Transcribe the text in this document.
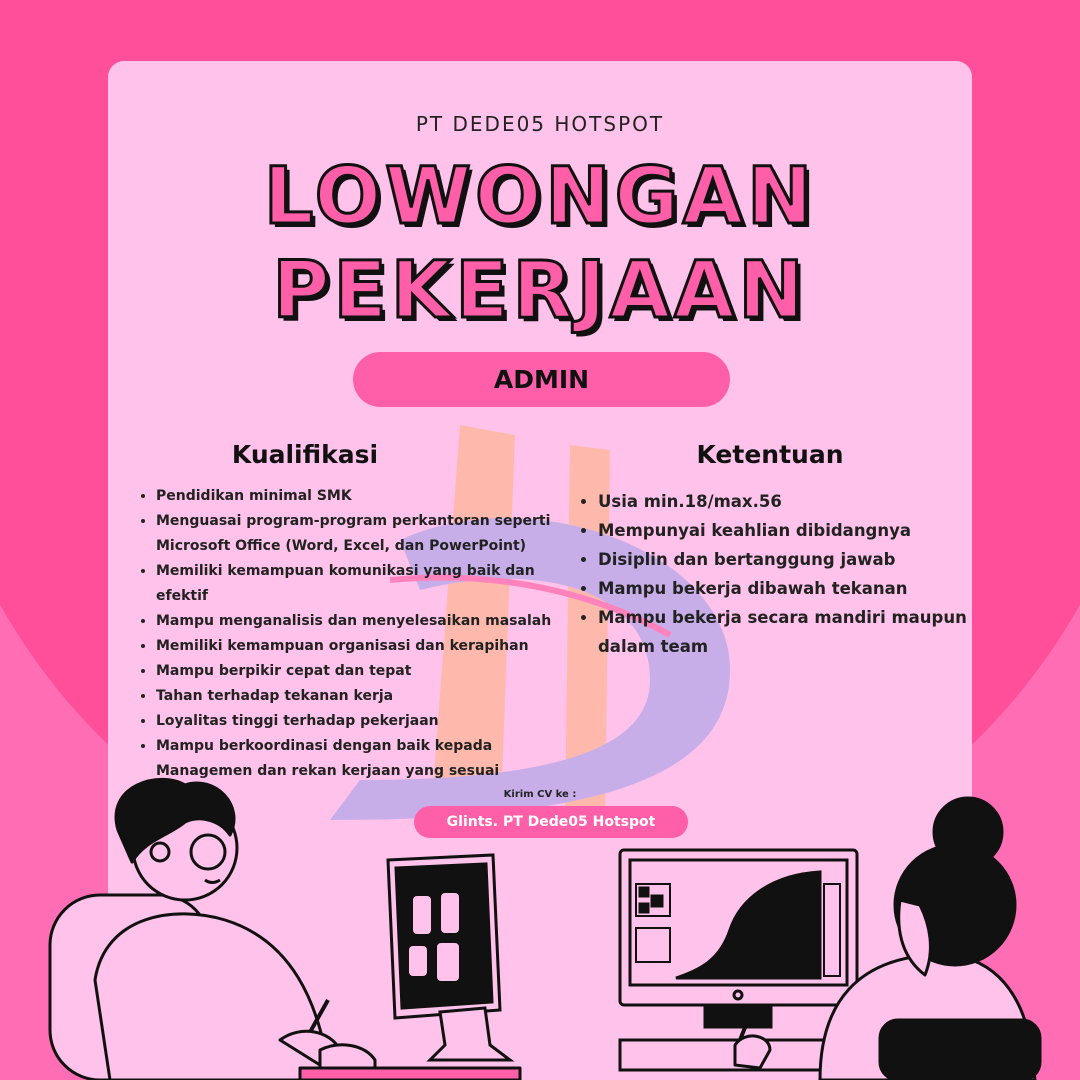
PT DEDE05 HOTSPOT
LOWONGAN
PEKERJAAN
ADMIN
Kualifikasi
• Pendidikan minimal SMK
• Menguasai program-program perkantoran seperti Microsoft Office (Word, Excel, dan PowerPoint)
• Memiliki kemampuan komunikasi yang baik dan efektif
• Mampu menganalisis dan menyelesaikan masalah
• Memiliki kemampuan organisasi dan kerapihan
• Mampu berpikir cepat dan tepat
• Tahan terhadap tekanan kerja
• Loyalitas tinggi terhadap pekerjaan
• Mampu berkoordinasi dengan baik kepada Managemen dan rekan kerjaan yang sesuai
Ketentuan
• Usia min.18/max.56
• Mempunyai keahlian dibidangnya
• Disiplin dan bertanggung jawab
• Mampu bekerja dibawah tekanan
• Mampu bekerja secara mandiri maupun dalam team
Kirim CV ke :
Glints. PT Dede05 Hotspot
